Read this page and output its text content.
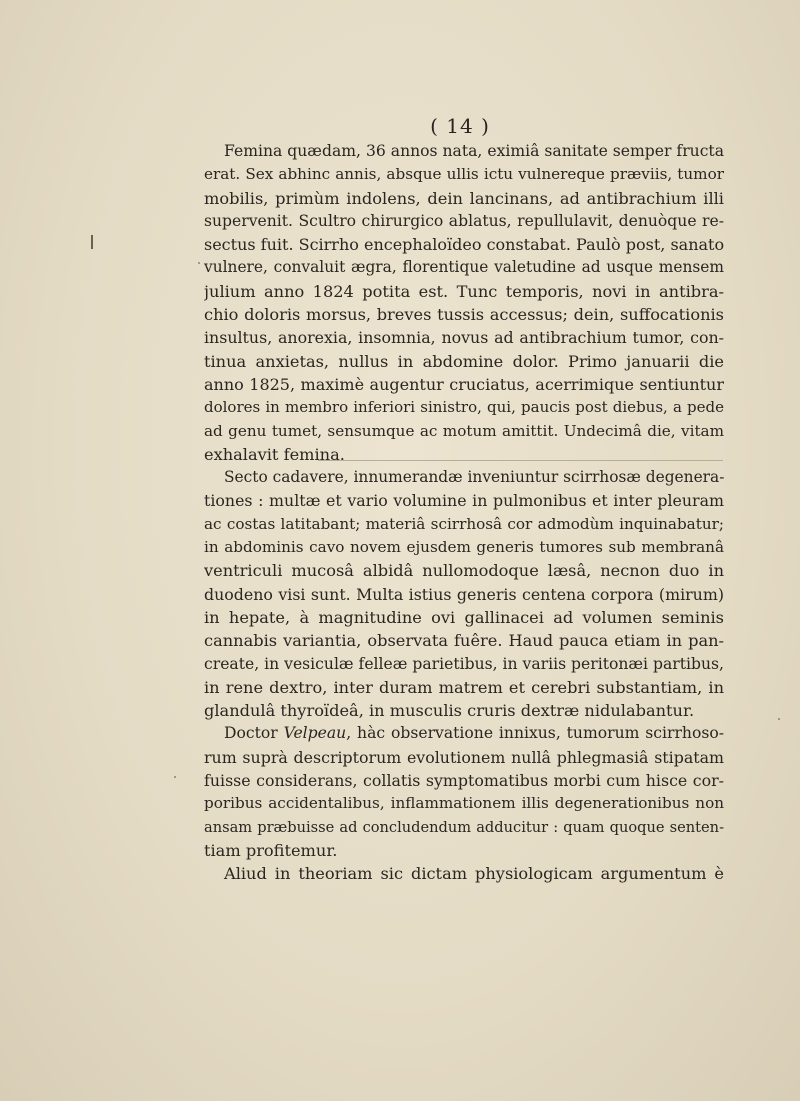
( 14 )
Femina quædam, 36 annos nata, eximiâ sanitate semper fructa
erat. Sex abhinc annis, absque ullis ictu vulnereque præviis, tumor
mobilis, primùm indolens, dein lancinans, ad antibrachium illi
supervenit. Scultro chirurgico ablatus, repullulavit, denuòque re-
sectus fuit. Scirrho encephaloïdeo constabat. Paulò post, sanato
vulnere, convaluit ægra, florentique valetudine ad usque mensem
julium anno 1824 potita est. Tunc temporis, novi in antibra-
chio doloris morsus, breves tussis accessus; dein, suffocationis
insultus, anorexia, insomnia, novus ad antibrachium tumor, con-
tinua anxietas, nullus in abdomine dolor. Primo januarii die
anno 1825, maximè augentur cruciatus, acerrimique sentiuntur
dolores in membro inferiori sinistro, qui, paucis post diebus, a pede
ad genu tumet, sensumque ac motum amittit. Undecimâ die, vitam
exhalavit femina.
Secto cadavere, innumerandæ inveniuntur scirrhosæ degenera-
tiones : multæ et vario volumine in pulmonibus et inter pleuram
ac costas latitabant; materiâ scirrhosâ cor admodùm inquinabatur;
in abdominis cavo novem ejusdem generis tumores sub membranâ
ventriculi mucosâ albidâ nullomodoque læsâ, necnon duo in
duodeno visi sunt. Multa istius generis centena corpora (mirum)
in hepate, à magnitudine ovi gallinacei ad volumen seminis
cannabis variantia, observata fuêre. Haud pauca etiam in pan-
create, in vesiculæ felleæ parietibus, in variis peritonæi partibus,
in rene dextro, inter duram matrem et cerebri substantiam, in
glandulâ thyroïdeâ, in musculis cruris dextræ nidulabantur.
Doctor Velpeau, hàc observatione innixus, tumorum scirrhoso-
rum suprà descriptorum evolutionem nullâ phlegmasiâ stipatam
fuisse considerans, collatis symptomatibus morbi cum hisce cor-
poribus accidentalibus, inflammationem illis degenerationibus non
ansam præbuisse ad concludendum adducitur : quam quoque senten-
tiam profitemur.
Aliud in theoriam sic dictam physiologicam argumentum è
